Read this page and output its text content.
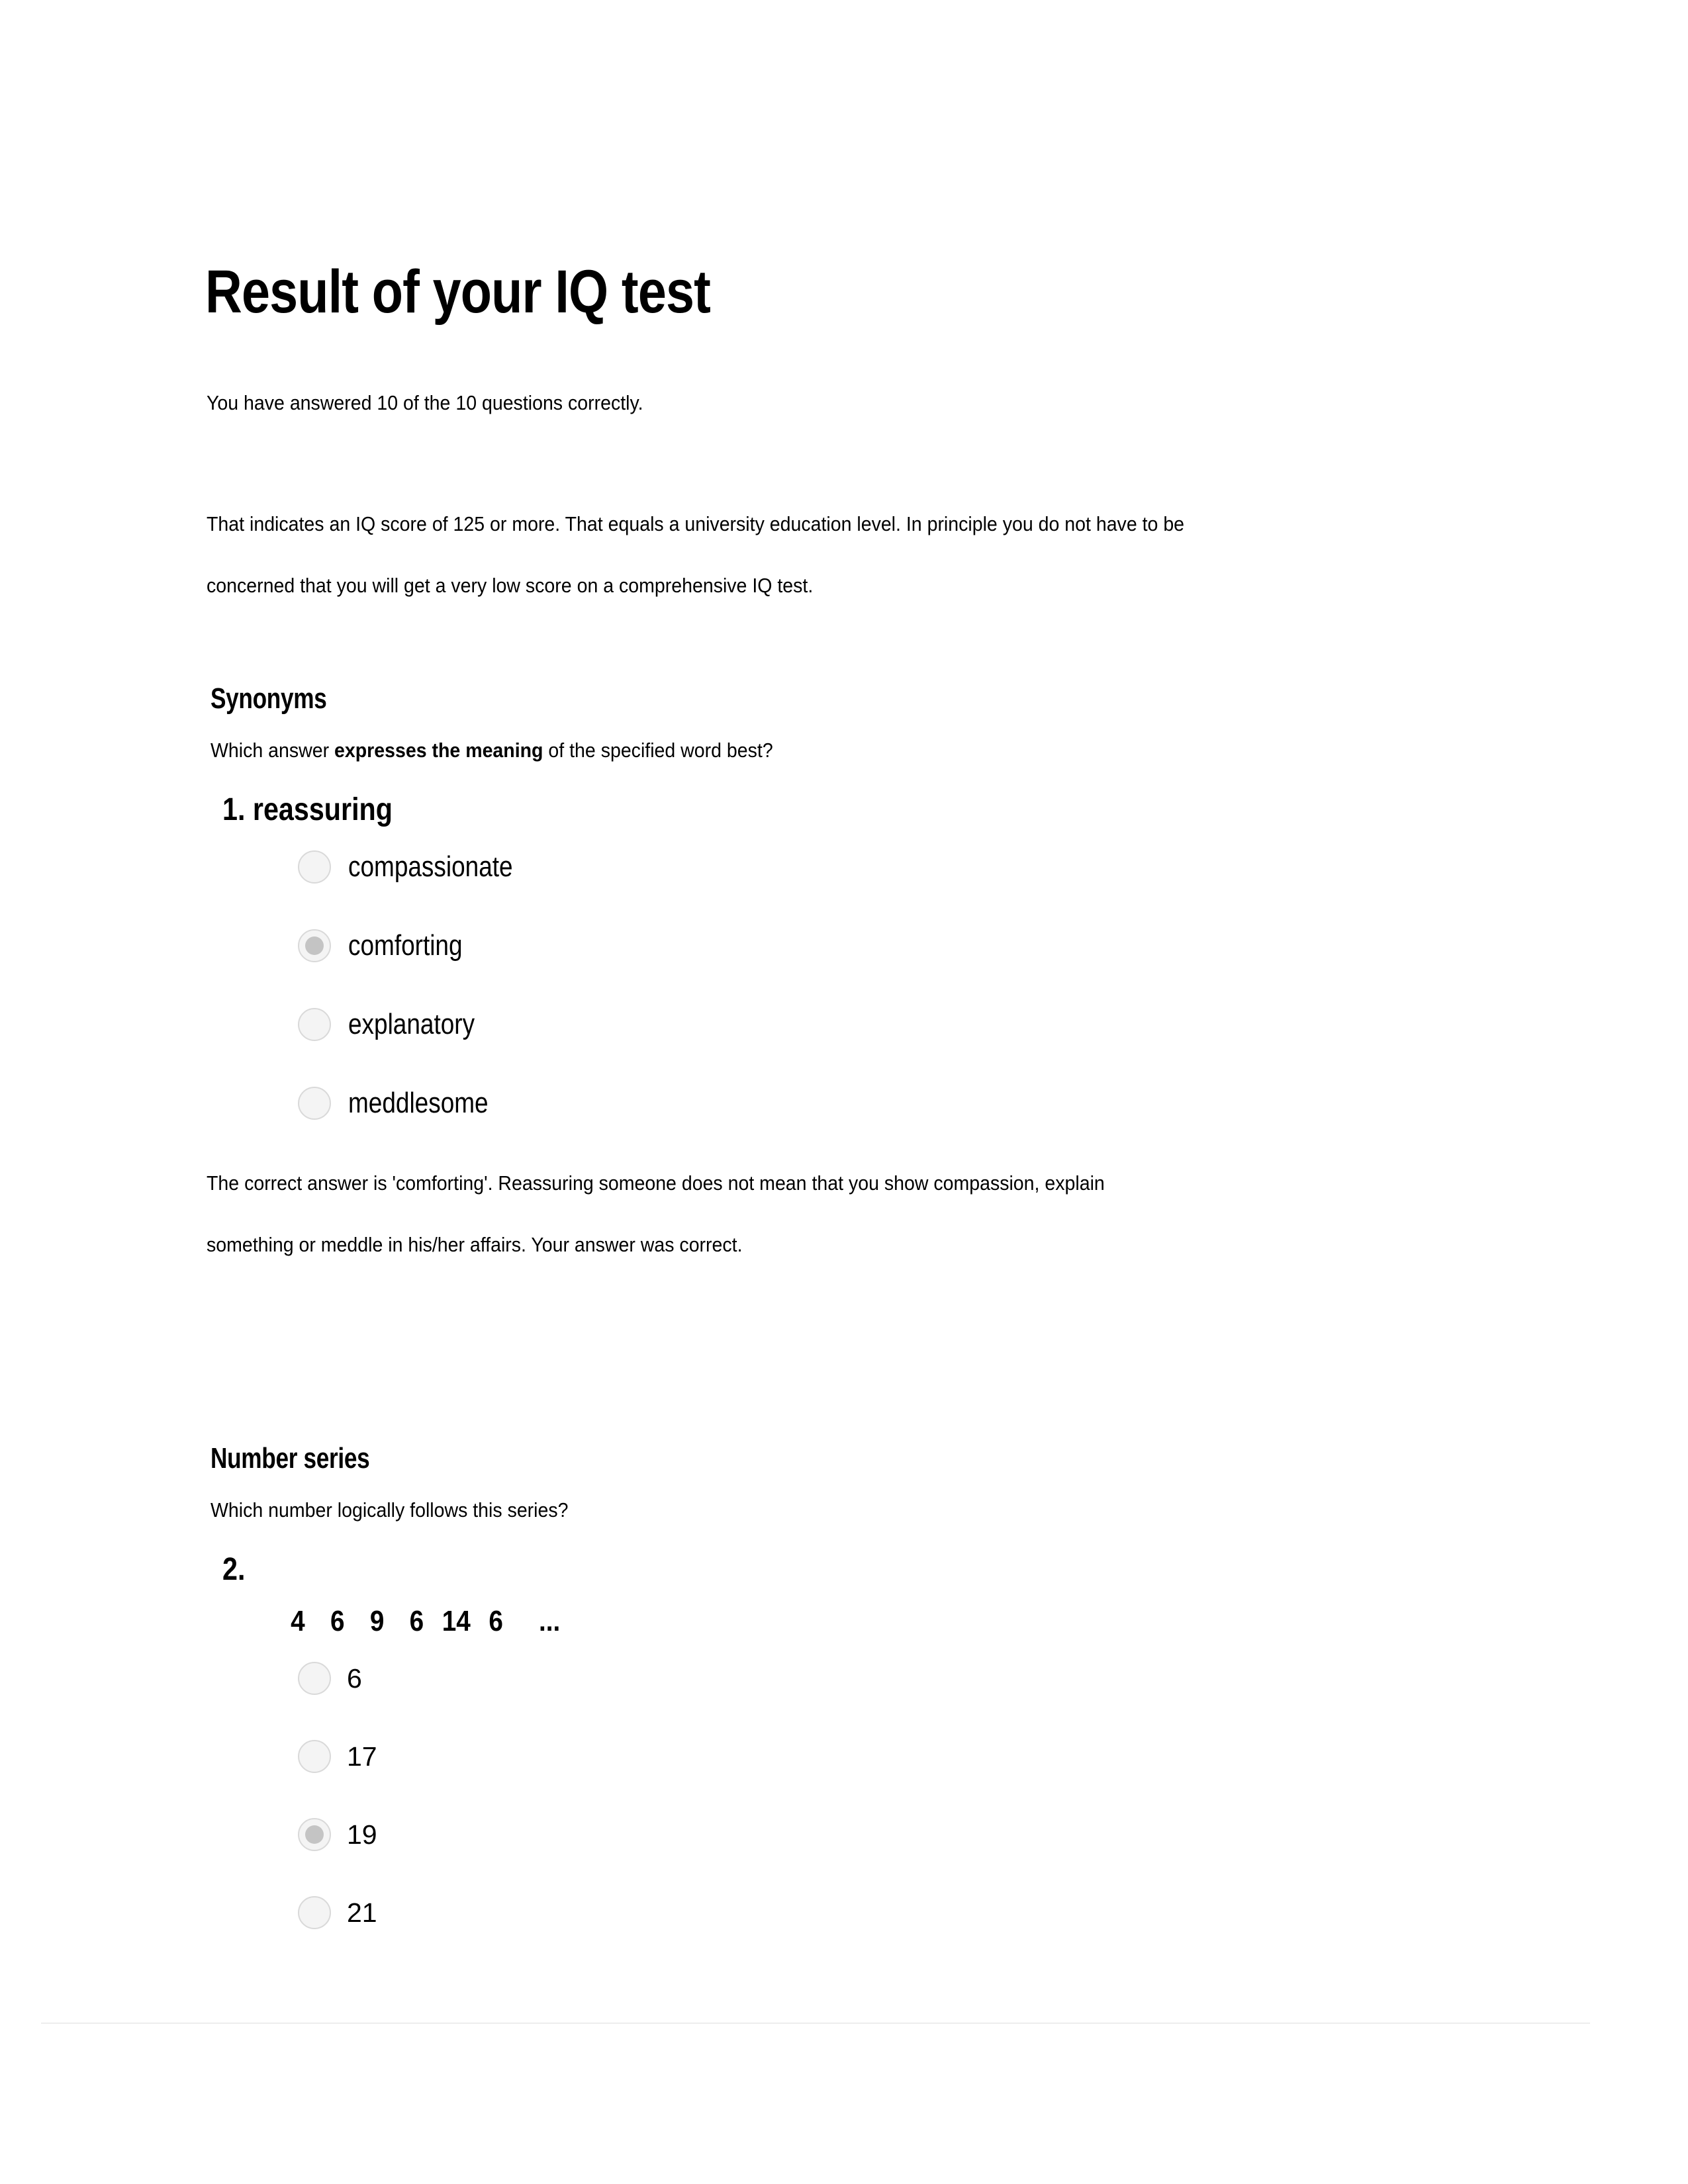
Result of your IQ test
You have answered 10 of the 10 questions correctly.
That indicates an IQ score of 125 or more. That equals a university education level. In principle you do not have to be
concerned that you will get a very low score on a comprehensive IQ test.
Synonyms
Which answer expresses the meaning of the specified word best?
1. reassuring
compassionate
comforting
explanatory
meddlesome
The correct answer is 'comforting'. Reassuring someone does not mean that you show compassion, explain
something or meddle in his/her affairs. Your answer was correct.
Number series
Which number logically follows this series?
2.
4 6 9 6 14 6 ...
6
17
19
21
